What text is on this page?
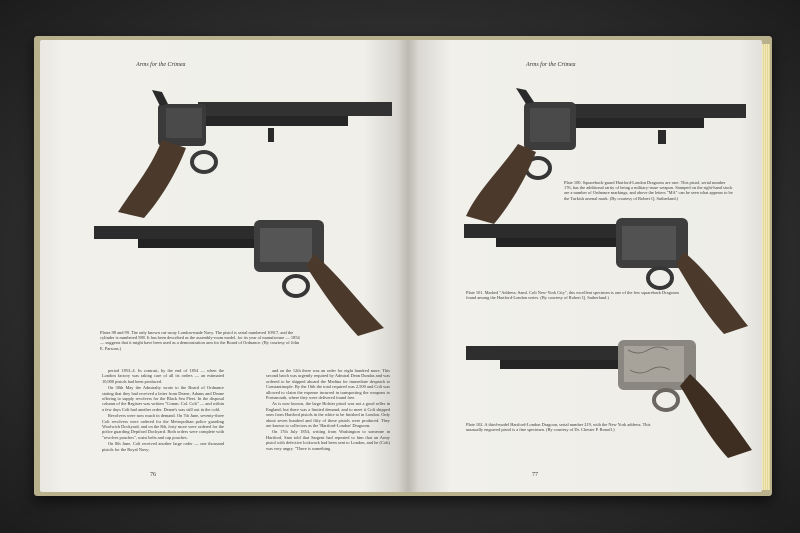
Arms for the Crimea
Plates 98 and 99. The only known cut-away London-made Navy. The pistol is serial numbered 10917, and the cylinder is numbered 588. It has been described as the assembly-room model, for its year of manufacture — 1854 — suggests that it might have been used as a demonstration arm for the Board of Ordnance. (By courtesy of John E. Parsons.)

period 1853–4. In contrast, by the end of 1854 — when the London factory was taking care of all its orders — an estimated 10,000 pistols had been produced.

On 30th May the Admiralty wrote to the Board of Ordnance stating that they had received a letter from Deane, Adams and Deane offering to supply revolvers for the Black Sea Fleet. In the disposal column of the Register was written "Comm. Col. Colt" — and within a few days Colt had another order. Deane's was still out in the cold.

Revolvers were now much in demand. On 7th June, seventy-three Colt revolvers were ordered for the Metropolitan police guarding Woolwich Dockyard; and on the 8th, forty more were ordered for the police guarding Deptford Dockyard. Both orders were complete with "revolver pouches", waist belts and cap pouches.

On 8th June, Colt received another large order — one thousand pistols for the Royal Navy;

and on the 12th there was an order for eight hundred more. This second batch was urgently required by Admiral Dean Dundas and was ordered to be shipped aboard the Medina for immediate despatch to Constantinople. By the 16th the total required was 2,500 and Colt was allowed to claim the expense incurred in transporting the weapons to Portsmouth, where they were delivered found free.

As is now known, the large Holster pistol was not a good seller in England; but there was a limited demand, and to meet it Colt shipped ones from Hartford pistols in the white to be finished in London. Only about seven hundred and fifty of these pistols were produced. They are known to collectors as the 'Hartford-London' Dragoons.

On 17th July 1854, writing from Washington to someone in Hartford, Sam told that Sargent had repeated to him that an Army pistol with defective lockwork had been sent to London, and he (Colt) was very angry. "There is something

76
Arms for the Crimea
Plate 100. Squareback-guard Hartford-London Dragoons are rare. This pistol, serial number 176, has the additional rarity of being a military-issue weapon. Stamped on the right-hand stock are a number of Ordnance markings, and above the letters "MA" can be seen what appears to be the Turkish arsenal mark. (By courtesy of Robert Q. Sutherland.)
Plate 101. Marked "Address: Saml. Colt New-York City", this excellent specimen is one of the few squareback Dragoons found among the Hartford-London series. (By courtesy of Robert Q. Sutherland.)
Plate 102. A third-model Hartford-London Dragoon, serial number 219, with the New York address. This unusually engraved pistol is a fine specimen. (By courtesy of Dr. Chester P. Bonoff.)
77
